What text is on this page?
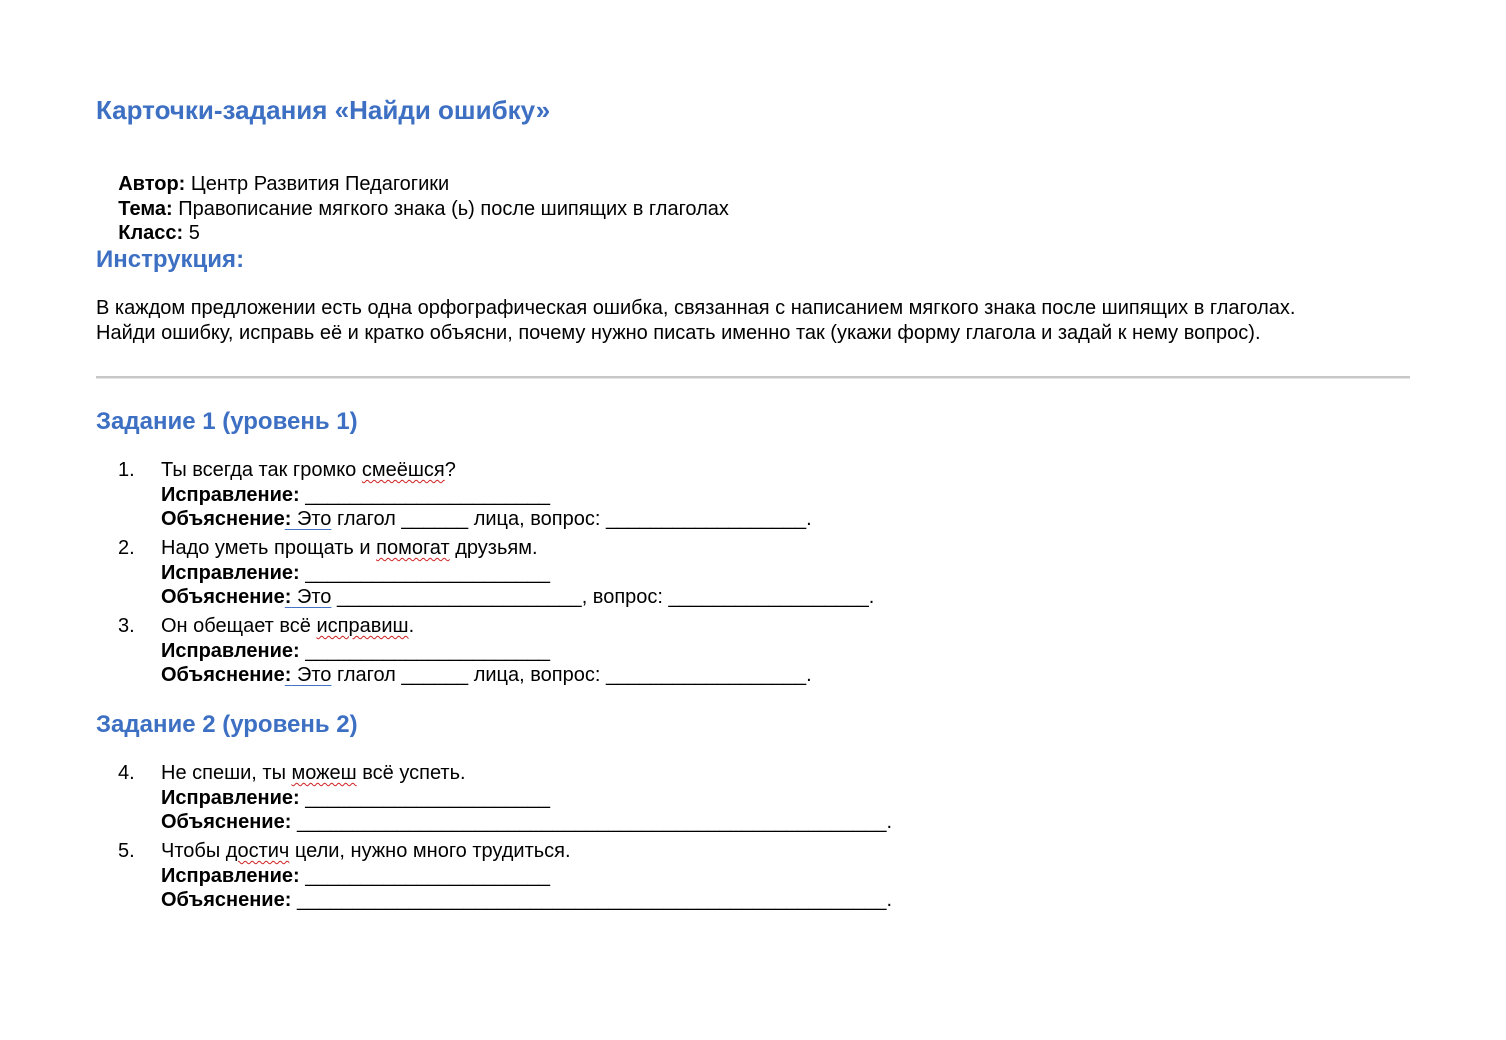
Карточки-задания «Найди ошибку»

Автор: Центр Развития Педагогики

Тема: Правописание мягкого знака (ь) после шипящих в глаголах

Класс: 5

Инструкция:
В каждом предложении есть одна орфографическая ошибка, связанная с написанием мягкого знака после шипящих в глаголах.
Найди ошибку, исправь её и кратко объясни, почему нужно писать именно так (укажи форму глагола и задай к нему вопрос).
Задание 1 (уровень 1)
1.	Ты всегда так громко смеёшся?
Исправление: ______________________
Объяснение: Это глагол ______ лица, вопрос: __________________.
2.	Надо уметь прощать и помогат друзьям.
Исправление: ______________________
Объяснение: Это ______________________, вопрос: __________________.
3.	Он обещает всё исправиш.
Исправление: ______________________
Объяснение: Это глагол ______ лица, вопрос: __________________.
Задание 2 (уровень 2)
4.	Не спеши, ты можеш всё успеть.
Исправление: ______________________
Объяснение: _____________________________________________________.
5.	Чтобы достич цели, нужно много трудиться.
Исправление: ______________________
Объяснение: _____________________________________________________.
